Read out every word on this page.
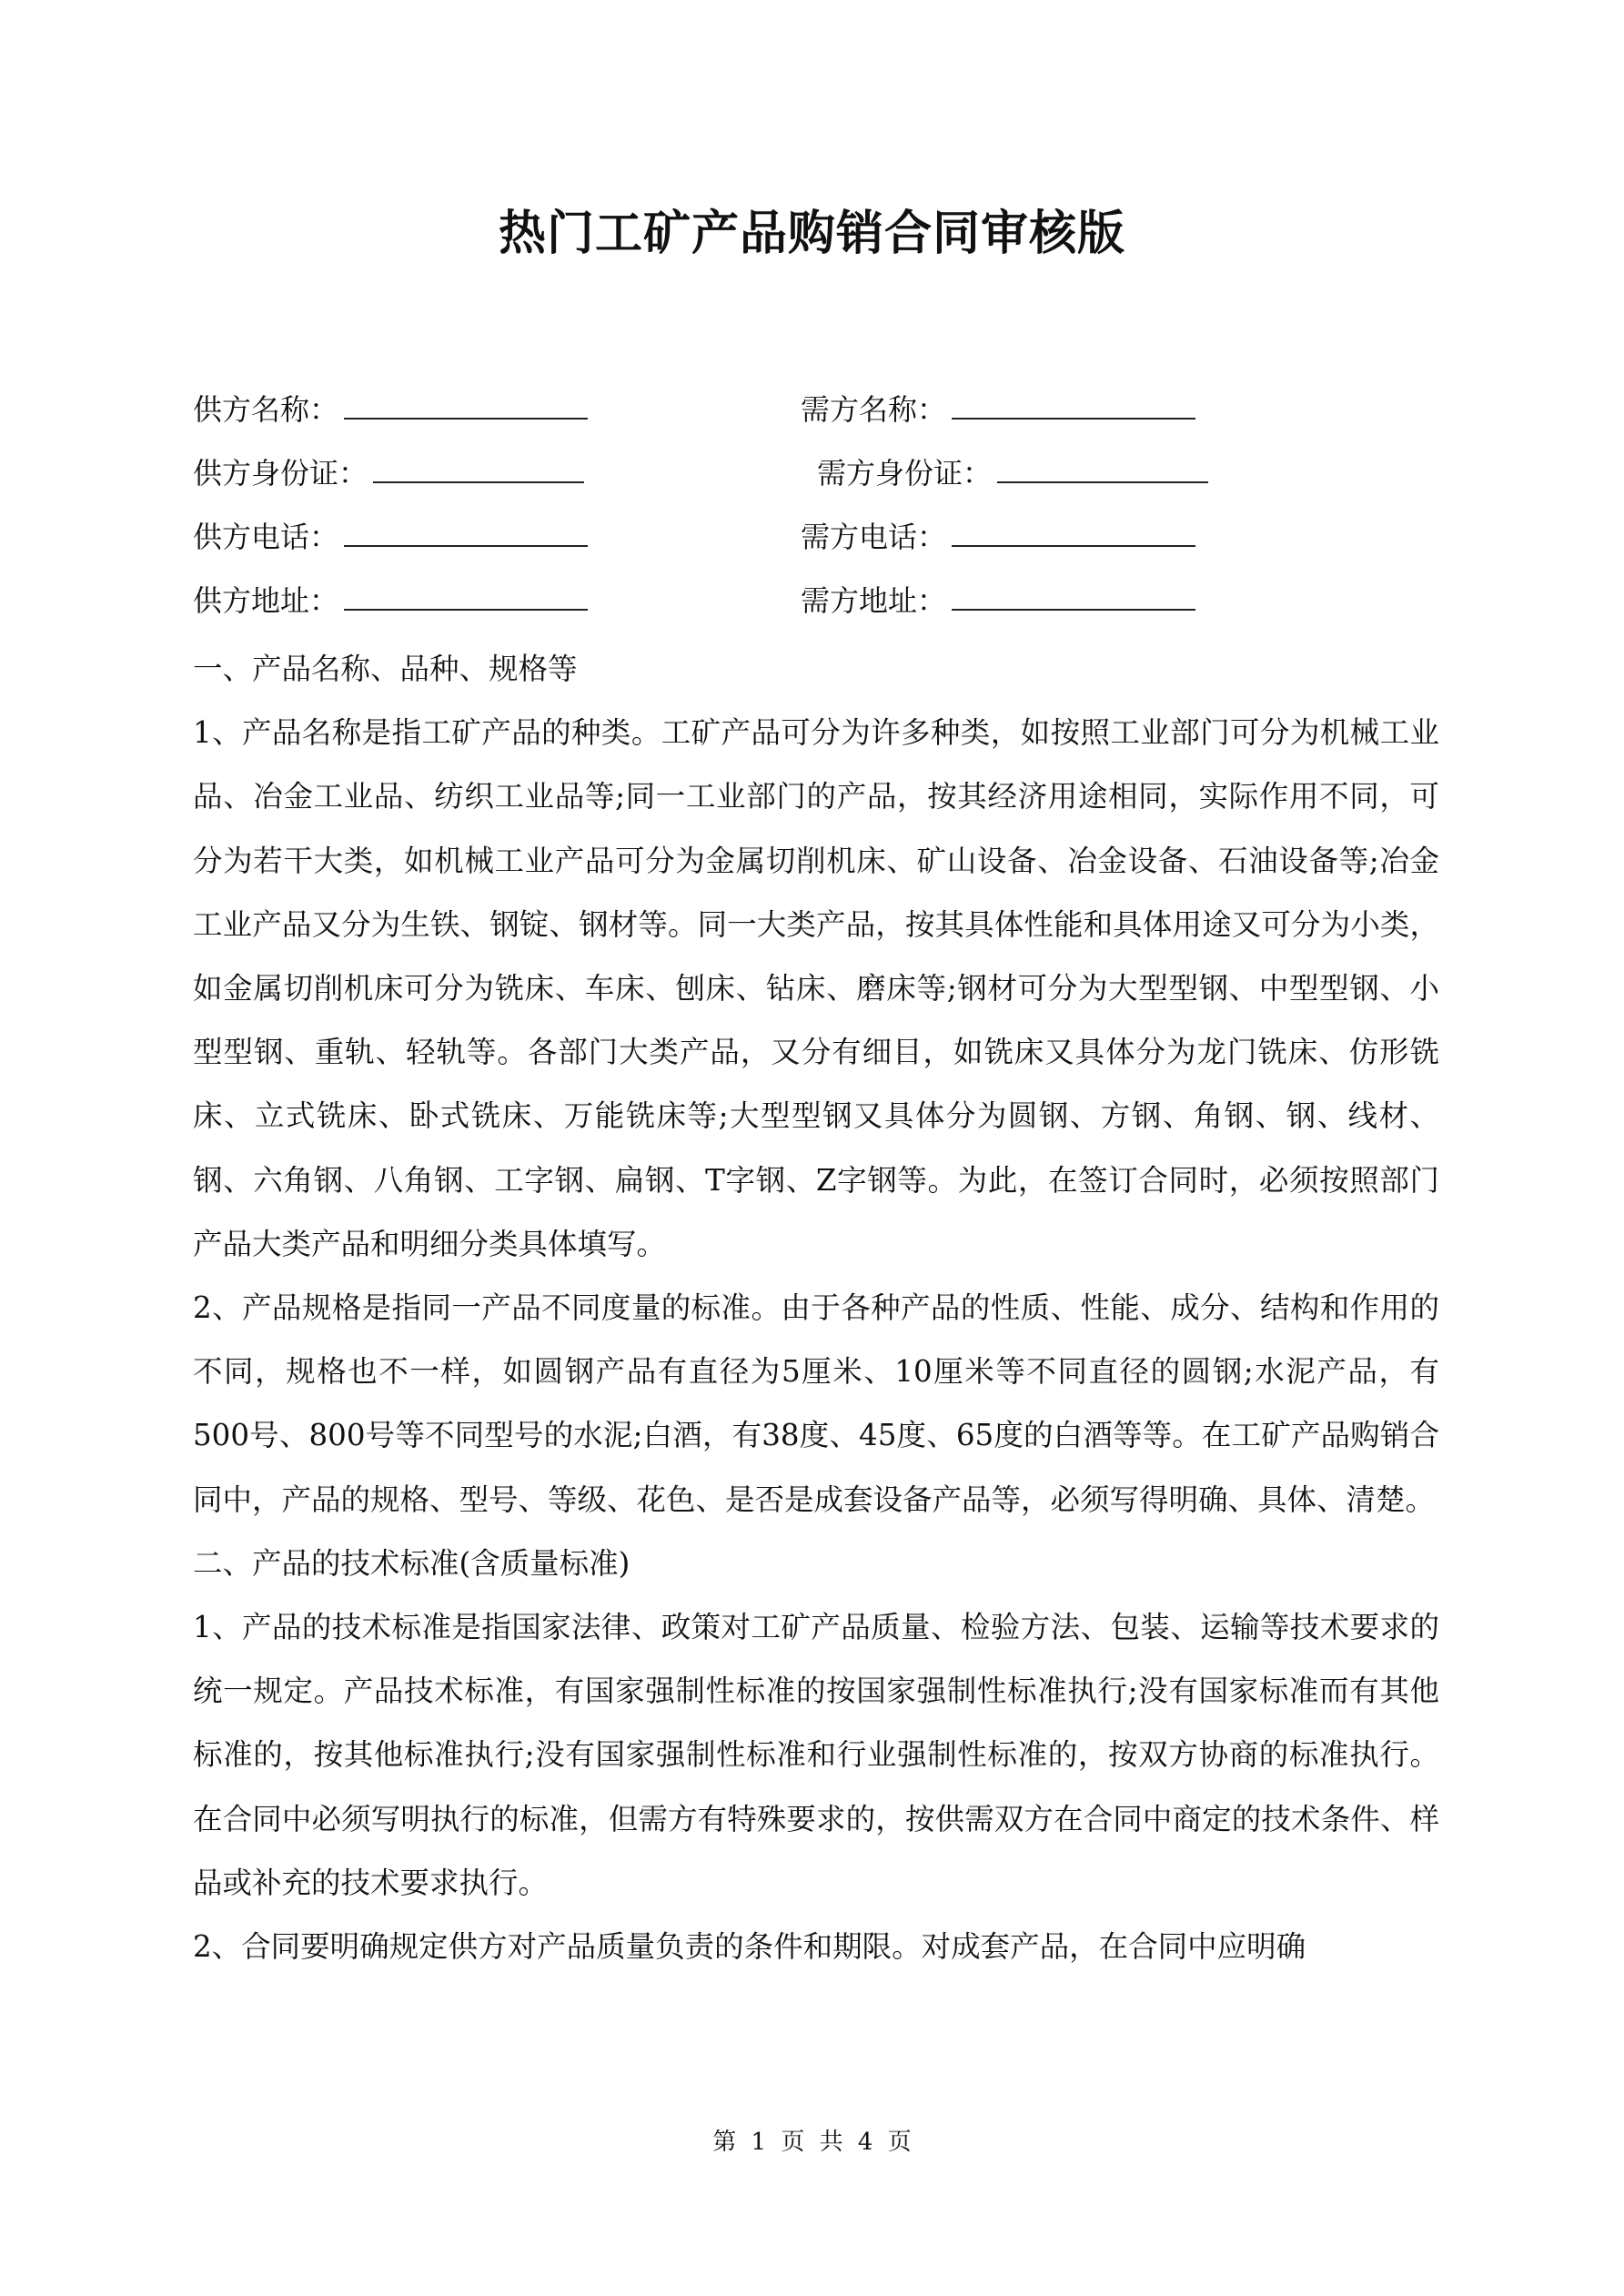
热门工矿产品购销合同审核版
供方名称：	需方名称：
供方身份证：	需方身份证：
供方电话：	需方电话：
供方地址：	需方地址：

一、产品名称、品种、规格等

1、产品名称是指工矿产品的种类。工矿产品可分为许多种类，如按照工业部门可分为机械工业品、冶金工业品、纺织工业品等;同一工业部门的产品，按其经济用途相同，实际作用不同，可分为若干大类，如机械工业产品可分为金属切削机床、矿山设备、冶金设备、石油设备等;冶金工业产品又分为生铁、钢锭、钢材等。同一大类产品，按其具体性能和具体用途又可分为小类，如金属切削机床可分为铣床、车床、刨床、钻床、磨床等;钢材可分为大型型钢、中型型钢、小型型钢、重轨、轻轨等。各部门大类产品，又分有细目，如铣床又具体分为龙门铣床、仿形铣床、立式铣床、卧式铣床、万能铣床等;大型型钢又具体分为圆钢、方钢、角钢、钢、线材、钢、六角钢、八角钢、工字钢、扁钢、T字钢、Z字钢等。为此，在签订合同时，必须按照部门产品大类产品和明细分类具体填写。

2、产品规格是指同一产品不同度量的标准。由于各种产品的性质、性能、成分、结构和作用的不同，规格也不一样，如圆钢产品有直径为5厘米、10厘米等不同直径的圆钢;水泥产品，有500号、800号等不同型号的水泥;白酒，有38度、45度、65度的白酒等等。在工矿产品购销合同中，产品的规格、型号、等级、花色、是否是成套设备产品等，必须写得明确、具体、清楚。

二、产品的技术标准(含质量标准)

1、产品的技术标准是指国家法律、政策对工矿产品质量、检验方法、包装、运输等技术要求的统一规定。产品技术标准，有国家强制性标准的按国家强制性标准执行;没有国家标准而有其他标准的，按其他标准执行;没有国家强制性标准和行业强制性标准的，按双方协商的标准执行。在合同中必须写明执行的标准，但需方有特殊要求的，按供需双方在合同中商定的技术条件、样品或补充的技术要求执行。

2、合同要明确规定供方对产品质量负责的条件和期限。对成套产品，在合同中应明确

第 1 页 共 4 页
